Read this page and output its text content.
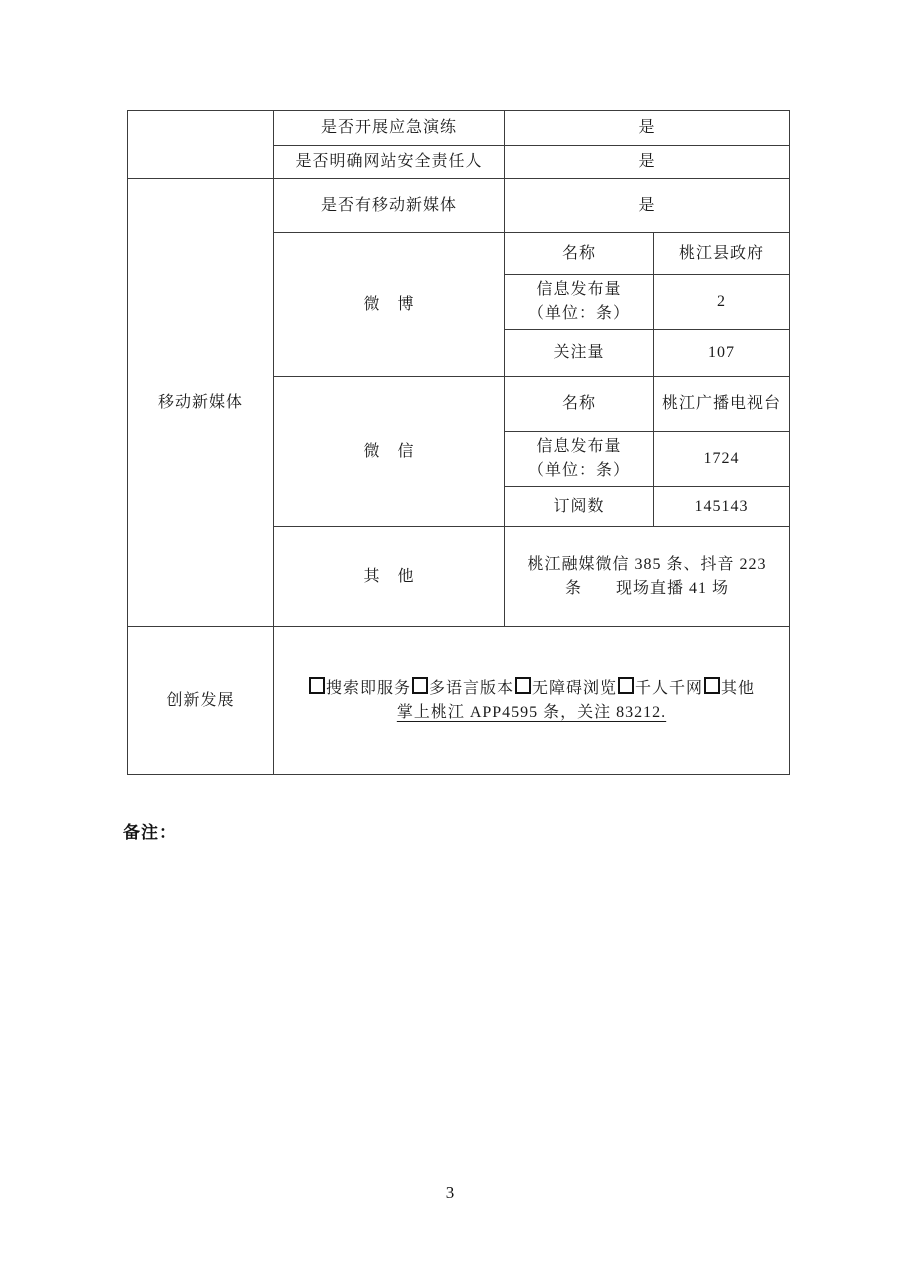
	是否开展应急演练	是	
	是否明确网站安全责任人	是	
移动新媒体	是否有移动新媒体	是	
	微　博	名称	桃江县政府

		信息发布量
（单位：条）	2
		关注量	107
	微　信	名称	桃江广播电视台

		信息发布量
（单位：条）	1724
		订阅数	145143
	其　他	桃江融媒微信 385 条、抖音 223
条　　现场直播 41 场	

创新发展	搜索即服务 多语言版本 无障碍浏览 千人千网 其他
掌上桃江 APP4595 条，关注 83212.		
备注：
3
